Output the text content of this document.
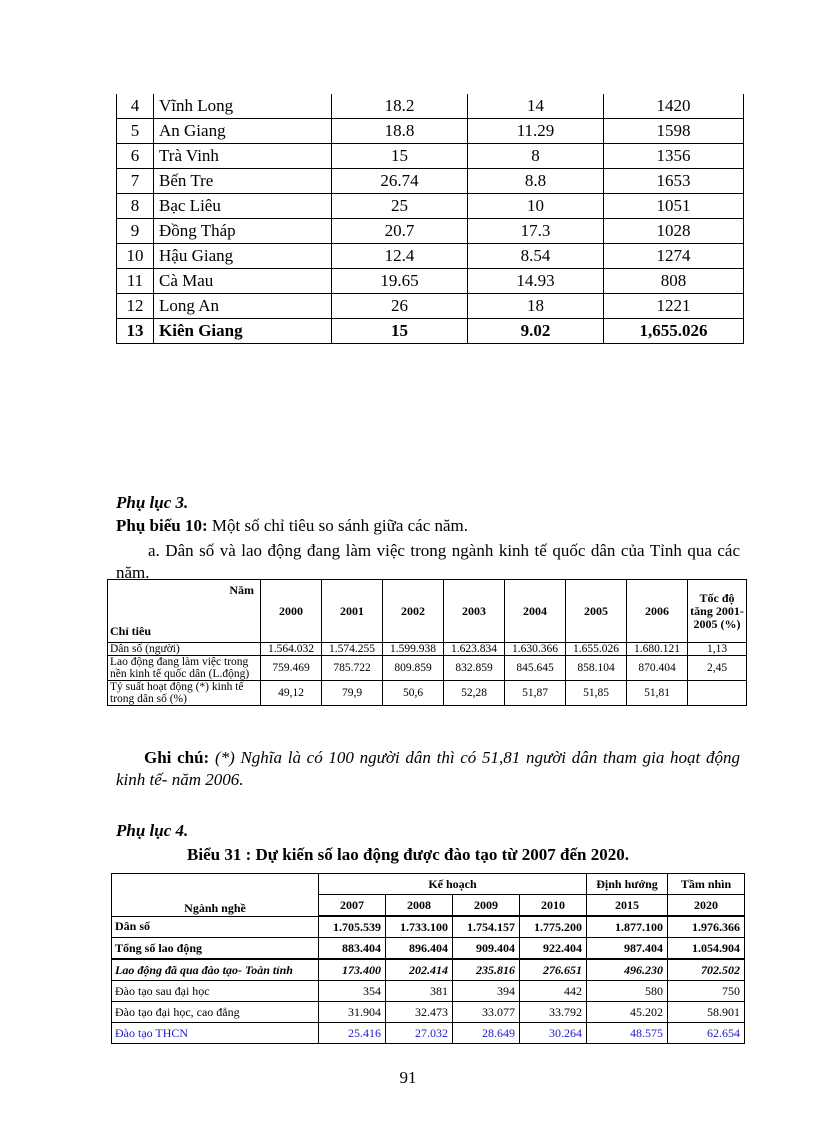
4	Vĩnh Long	18.2	14	1420
5	An Giang	18.8	11.29	1598
6	Trà Vinh	15	8	1356
7	Bến Tre	26.74	8.8	1653
8	Bạc Liêu	25	10	1051
9	Đồng Tháp	20.7	17.3	1028
10	Hậu Giang	12.4	8.54	1274
11	Cà Mau	19.65	14.93	808
12	Long An	26	18	1221
13	Kiên Giang	15	9.02	1,655.026
Phụ lục 3.
Phụ biểu 10: Một số chỉ tiêu so sánh giữa các năm.
a. Dân số và lao động đang làm việc trong ngành kinh tế quốc dân của Tỉnh qua các năm.
Năm
Chỉ tiêu	2000	2001	2002	2003	2004	2005	2006	Tốc độ tăng 2001-2005 (%)
Dân số (người)	1.564.032	1.574.255	1.599.938	1.623.834	1.630.366	1.655.026	1.680.121	1,13
Lao động đang làm việc trong nền kinh tế quốc dân (L.động)	759.469	785.722	809.859	832.859	845.645	858.104	870.404	2,45
Tỷ suất hoạt động (*) kinh tế trong dân số (%)	49,12	79,9	50,6	52,28	51,87	51,85	51,81	
Ghi chú: (*) Nghĩa là có 100 người dân thì có 51,81 người dân tham gia hoạt động kinh tế- năm 2006.
Phụ lục 4.
Biểu 31 : Dự kiến số lao động được đào tạo từ 2007 đến 2020.
Ngành nghề	Kế hoạch				Định hướng	Tầm nhìn
	2007	2008	2009	2010	2015	2020
Dân số	1.705.539	1.733.100	1.754.157	1.775.200	1.877.100	1.976.366
Tổng số lao động	883.404	896.404	909.404	922.404	987.404	1.054.904
Lao động đã qua đào tạo- Toàn tỉnh	173.400	202.414	235.816	276.651	496.230	702.502
Đào tạo sau đại học	354	381	394	442	580	750
Đào tạo đại học, cao đẳng	31.904	32.473	33.077	33.792	45.202	58.901
Đào tạo THCN	25.416	27.032	28.649	30.264	48.575	62.654
91
